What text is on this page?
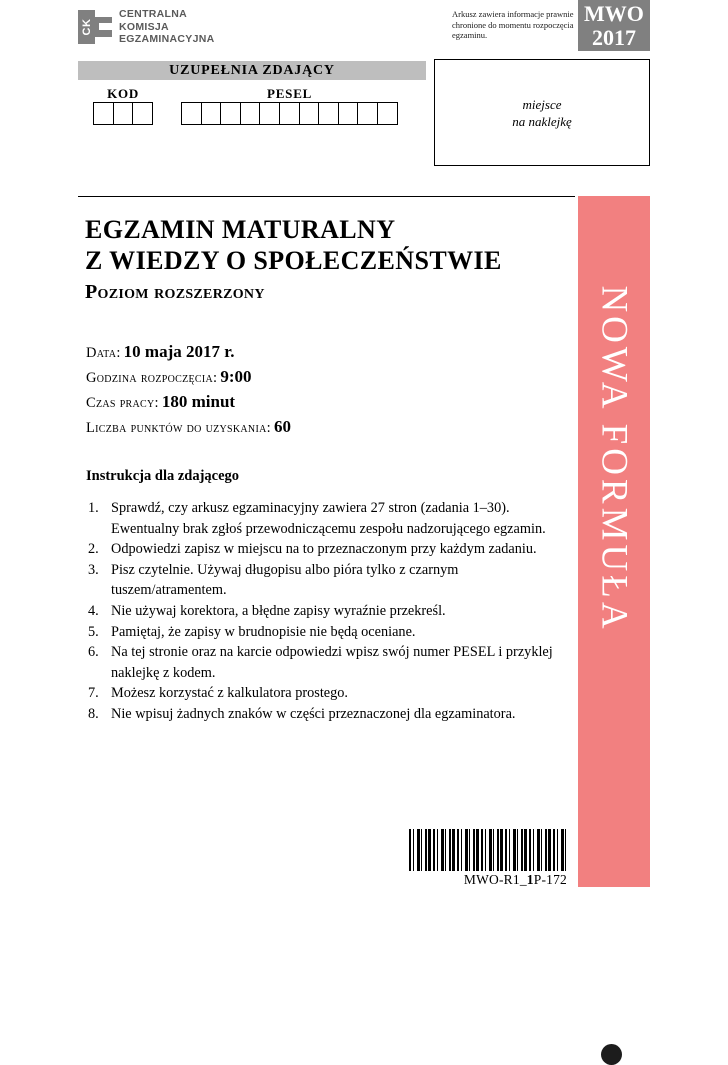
CK
CENTRALNA
KOMISJA
EGZAMINACYJNA
Arkusz zawiera informacje prawnie chronione do momentu rozpoczęcia egzaminu.
MWO
2017
UZUPEŁNIA ZDAJĄCY
KOD	PESEL
miejsce
na naklejkę
NOWA FORMUŁA
EGZAMIN MATURALNY
Z WIEDZY O SPOŁECZEŃSTWIE
Poziom rozszerzony
Data: 10 maja 2017 r.
Godzina rozpoczęcia: 9:00
Czas pracy: 180 minut
Liczba punktów do uzyskania: 60
Instrukcja dla zdającego
1. Sprawdź, czy arkusz egzaminacyjny zawiera 27 stron (zadania 1–30). Ewentualny brak zgłoś przewodniczącemu zespołu nadzorującego egzamin.
2. Odpowiedzi zapisz w miejscu na to przeznaczonym przy każdym zadaniu.
3. Pisz czytelnie. Używaj długopisu albo pióra tylko z czarnym tuszem/atramentem.
4. Nie używaj korektora, a błędne zapisy wyraźnie przekreśl.
5. Pamiętaj, że zapisy w brudnopisie nie będą oceniane.
6. Na tej stronie oraz na karcie odpowiedzi wpisz swój numer PESEL i przyklej naklejkę z kodem.
7. Możesz korzystać z kalkulatora prostego.
8. Nie wpisuj żadnych znaków w części przeznaczonej dla egzaminatora.
MWO-R1_1P-172
